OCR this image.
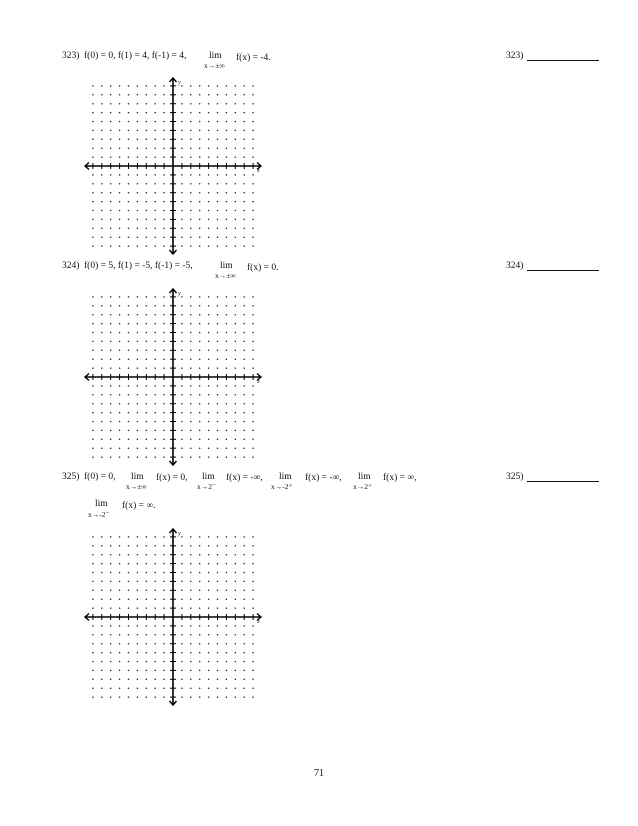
323) f(0) = 0, f(1) = 4, f(-1) = 4, lim
x→±∞
f(x) = -4.	323)
x
y
324) f(0) = 5, f(1) = -5, f(-1) = -5,	lim
x→±∞
f(x) = 0.	324)
x
y
325) f(0) = 0, lim
x→±∞
f(x) = 0, lim
x→2⁻
f(x) = -∞, lim
x→-2⁺
f(x) = -∞, lim
x→2⁺
f(x) = ∞,
lim
x→-2⁻
f(x) = ∞.
325)
x
y
71
